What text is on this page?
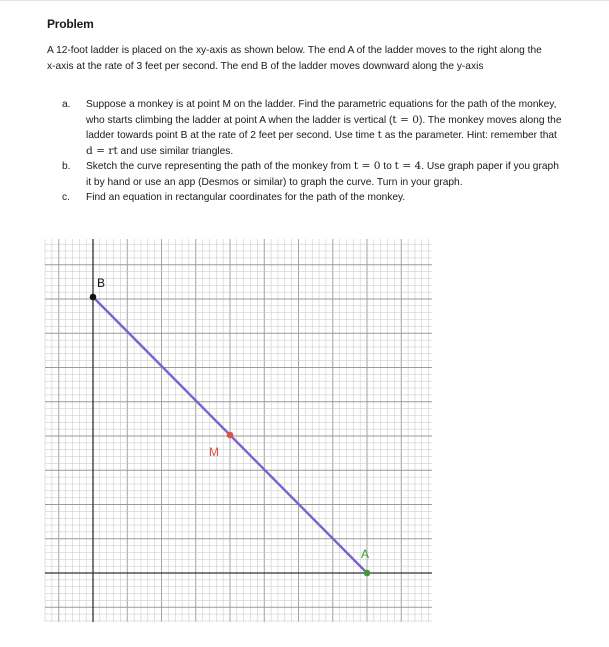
Problem
A 12-foot ladder is placed on the xy-axis as shown below. The end A of the ladder moves to the right along the x-axis at the rate of 3 feet per second. The end B of the ladder moves downward along the y-axis
a. Suppose a monkey is at point M on the ladder. Find the parametric equations for the path of the monkey, who starts climbing the ladder at point A when the ladder is vertical (t = 0). The monkey moves along the ladder towards point B at the rate of 2 feet per second. Use time t as the parameter. Hint: remember that d = rt and use similar triangles.
b. Sketch the curve representing the path of the monkey from t = 0 to t = 4. Use graph paper if you graph it by hand or use an app (Desmos or similar) to graph the curve. Turn in your graph.
c. Find an equation in rectangular coordinates for the path of the monkey.
B
M
A
